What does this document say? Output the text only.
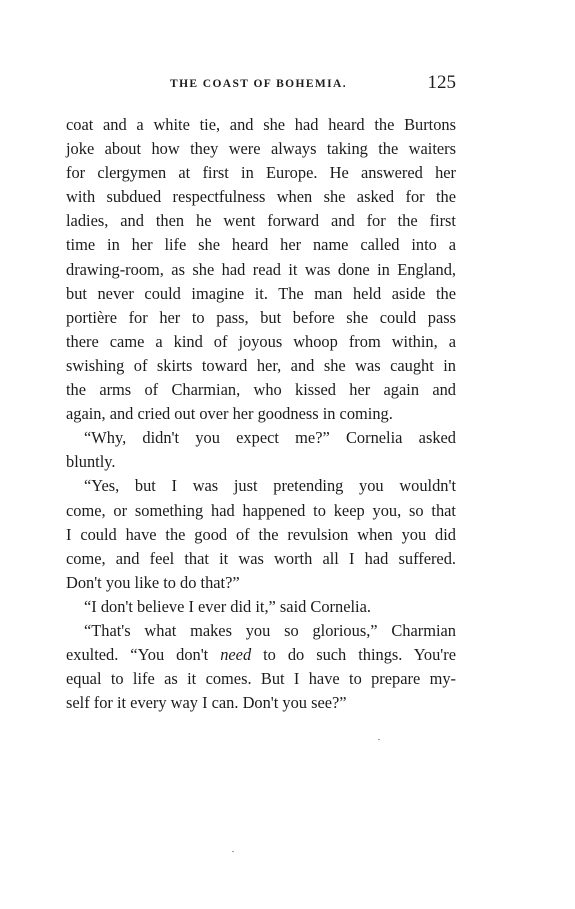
THE COAST OF BOHEMIA.	125
coat and a white tie, and she had heard the Burtons
joke about how they were always taking the waiters
for clergymen at first in Europe. He answered her
with subdued respectfulness when she asked for the
ladies, and then he went forward and for the first
time in her life she heard her name called into a
drawing-room, as she had read it was done in England,
but never could imagine it. The man held aside the
portière for her to pass, but before she could pass
there came a kind of joyous whoop from within, a
swishing of skirts toward her, and she was caught in
the arms of Charmian, who kissed her again and
again, and cried out over her goodness in coming.
“Why, didn't you expect me?” Cornelia asked
bluntly.
“Yes, but I was just pretending you wouldn't
come, or something had happened to keep you, so that
I could have the good of the revulsion when you did
come, and feel that it was worth all I had suffered.
Don't you like to do that?”
“I don't believe I ever did it,” said Cornelia.
“That's what makes you so glorious,” Charmian
exulted. “You don't need to do such things. You're
equal to life as it comes. But I have to prepare my-
self for it every way I can. Don't you see?”
